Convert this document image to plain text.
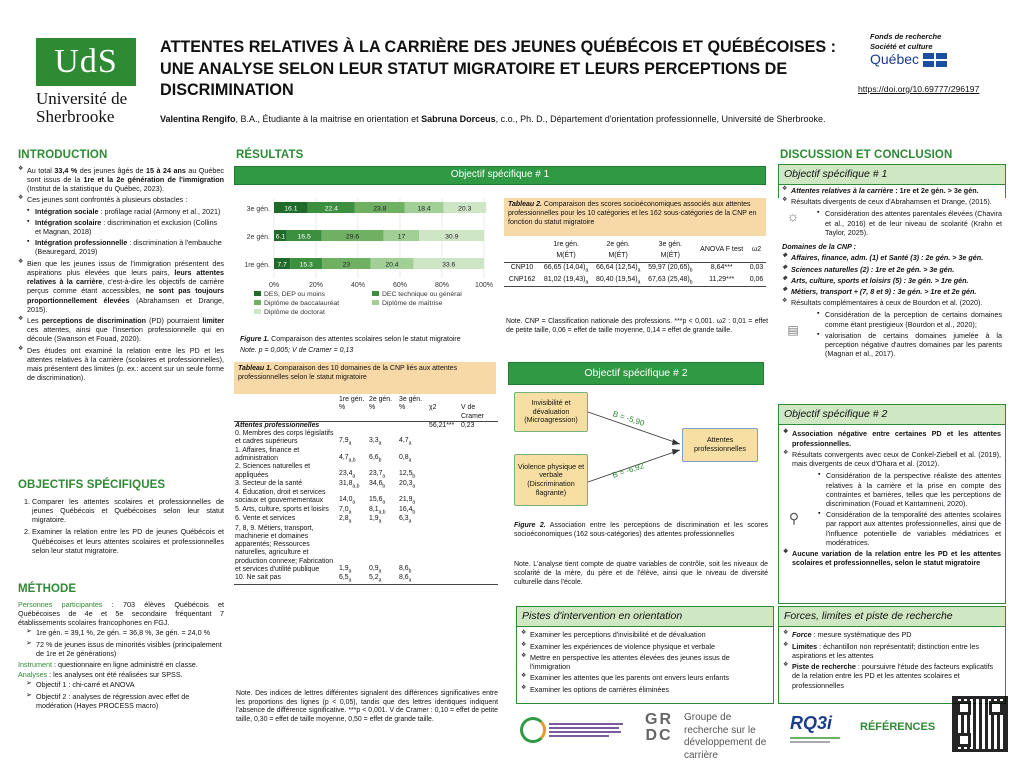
UdS
Université de
Sherbrooke
ATTENTES RELATIVES À LA CARRIÈRE DES JEUNES QUÉBÉCOIS ET QUÉBÉCOISES : UNE ANALYSE SELON LEUR STATUT MIGRATOIRE ET LEURS PERCEPTIONS DE DISCRIMINATION
Valentina Rengifo, B.A., Étudiante à la maitrise en orientation et Sabruna Dorceus, c.o., Ph. D., Département d'orientation professionnelle, Université de Sherbrooke.
Fonds de recherche
Société et culture
Québec
https://doi.org/10.69777/296197
INTRODUCTION
❖ Au total 33,4 % des jeunes âgés de 15 à 24 ans au Québec sont issus de la 1re et la 2e génération de l'immigration (Institut de la statistique du Québec, 2023).
❖ Ces jeunes sont confrontés à plusieurs obstacles :
▪ Intégration sociale : profilage racial (Armony et al., 2021)
▪ Intégration scolaire : discrimination et exclusion (Collins et Magnan, 2018)
▪ Intégration professionnelle : discrimination à l'embauche (Beauregard, 2019)
❖ Bien que les jeunes issus de l'immigration présentent des aspirations plus élevées que leurs pairs, leurs attentes relatives à la carrière, c'est-à-dire les objectifs de carrière perçus comme étant accessibles, ne sont pas toujours proportionnellement élevées (Abrahamsen et Drange, 2015).
❖ Les perceptions de discrimination (PD) pourraient limiter ces attentes, ainsi que l'insertion professionnelle qui en découle (Swanson et Fouad, 2020).
❖ Des études ont examiné la relation entre les PD et les attentes relatives à la carrière (scolaires et professionnelles), mais présentent des limites (p. ex.: accent sur un seule forme de discrimination).
OBJECTIFS SPÉCIFIQUES
1. Comparer les attentes scolaires et professionnelles de jeunes Québécois et Québécoises selon leur statut migratoire.
2. Examiner la relation entre les PD de jeunes Québécois et Québécoises et leurs attentes scolaires et professionnelles selon leur statut migratoire.
MÉTHODE
Personnes participantes : 703 élèves Québécois et Québécoises de 4e et 5e secondaire fréquentant 7 établissements scolaires francophones en FGJ.
➢ 1re gén. = 39,1 %, 2e gén. = 36,8 %, 3e gén. = 24,0 %
➢ 72 % de jeunes issus de minorités visibles (principalement de 1re et 2e générations)
Instrument : questionnaire en ligne administré en classe.
Analyses : les analyses ont été réalisées sur SPSS.
➢ Objectif 1 : chi-carré et ANOVA
➢ Objectif 2 : analyses de régression avec effet de modération (Hayes PROCESS macro)
RÉSULTATS
Objectif spécifique # 1
0%	20%	40%	60%	80%	100%
3e gén. 16.1	22.4	23.8	18.4	20.3
2e gén. 6.1 16.5	29.6	17	30.9
1re gén. 7.7 15.3	23	20.4	33.6
DES, DEP ou moins	DEC technique ou général
Diplôme de baccalauréat	Diplôme de maîtrise
Diplôme de doctorat
Figure 1. Comparaison des attentes scolaires selon le statut migratoire
Note. p = 0,005; V de Cramer = 0,13
Tableau 1. Comparaison des 10 domaines de la CNP liés aux attentes professionnelles selon le statut migratoire
	1re gén.	2e gén.	3e gén.		
	%	%	%	χ2	V de Cramer
Attentes professionnelles				56,21***	0,23
0. Membres des corps législatifs et cadres supérieurs	$7,9_a$	$3,3_a$	$4,7_a$		
1. Affaires, finance et administration	$4,7_{a,b}$	$6,6_b$	$0,8_a$		
2. Sciences naturelles et appliquées	$23,4_a$	$23,7_a$	$12,5_b$		
3. Secteur de la santé	$31,8_{a,b}$	$34,6_b$	$20,3_a$		
4. Éducation, droit et services sociaux et gouvernementaux	$14,0_a$	$15,6_a$	$21,9_a$		
5. Arts, culture, sports et loisirs	$7,0_a$	$8,1_{a,b}$	$16,4_b$		
6. Vente et services	$2,8_a$	$1,9_a$	$6,3_a$		
7, 8, 9. Métiers, transport, machinerie et domaines apparentés; Ressources naturelles, agriculture et production connexe; Fabrication et services d'utilité publique	$1,9_a$	$0,9_a$	$8,6_b$		
10. Ne sait pas	$6,5_a$	$5,2_a$	$8,6_a$		
Note. Des indices de lettres différentes signalent des différences significatives entre les proportions des lignes (p < 0,05), tandis que des lettres identiques indiquent l'absence de différence significative. ***p < 0,001. V de Cramer : 0,10 = effet de petite taille, 0,30 = effet de taille moyenne, 0,50 = effet de grande taille.
Tableau 2. Comparaison des scores socioéconomiques associés aux attentes professionnelles pour les 10 catégories et les 162 sous-catégories de la CNP en fonction du statut migratoire
	1re gén.	2e gén.	3e gén.	ANOVA F test	ω2
	M(ÉT)	M(ÉT)	M(ÉT)		
CNP10	66,65 $(14,04)_a$	66,64 $(12,54)_a$	59,97 $(20,65)_b$	8,64***	0,03
CNP162	81,02 $(19,43)_a$	80,40 $(19,54)_a$	67,63 $(25,48)_b$	11,29***	0,06
Note. CNP = Classification nationale des professions. ***p < 0,001. ω2 : 0,01 = effet de petite taille, 0,06 = effet de taille moyenne, 0,14 = effet de grande taille.
Objectif spécifique # 2
Invisibilité et dévaluation (Microagression)
Violence physique et verbale (Discrimination flagrante)
Attentes professionnelles
B = -5,90
B = -6,92
Figure 2. Association entre les perceptions de discrimination et les scores socioéconomiques (162 sous-catégories) des attentes professionnelles
Note. L'analyse tient compte de quatre variables de contrôle, soit les niveaux de scolarité de la mère, du père et de l'élève, ainsi que le niveau de diversité culturelle dans l'école.
Pistes d'intervention en orientation
❖ Examiner les perceptions d'invisibilité et de dévaluation
❖ Examiner les expériences de violence physique et verbale
❖ Mettre en perspective les attentes élevées des jeunes issus de l'immigration
❖ Examiner les attentes que les parents ont envers leurs enfants
❖ Examiner les options de carrières éliminées
DISCUSSION ET CONCLUSION
Objectif spécifique # 1
❖ Attentes relatives à la carrière : 1re et 2e gén. > 3e gén.
❖ Résultats divergents de ceux d'Abrahamsen et Drange, (2015).
☼	▪ Considération des attentes parentales élevées (Chavira et al., 2016) et de leur niveau de scolarité (Krahn et Taylor, 2025).
Domaines de la CNP :
❖ Affaires, finance, adm. (1) et Santé (3) : 2e gén. > 3e gén.
❖ Sciences naturelles (2) : 1re et 2e gén. > 3e gén.
❖ Arts, culture, sports et loisirs (5) : 3e gén. > 1re gén.
❖ Métiers, transport + (7, 8 et 9) : 3e gén. > 1re et 2e gén.
❖ Résultats complémentaires à ceux de Bourdon et al. (2020).
▤
▪ Considération de la perception de certains domaines comme étant prestigieux (Bourdon et al., 2020);
▪ valorisation de certains domaines jumelée à la perception négative d'autres domaines par les parents (Magnan et al., 2017).
Objectif spécifique # 2
❖ Association négative entre certaines PD et les attentes professionnelles.
❖ Résultats convergents avec ceux de Conkel-Ziebell et al. (2019), mais divergents de ceux d'Ohara et al. (2012).
⚲
▪ Considération de la perspective réaliste des attentes relatives à la carrière et la prise en compte des contraintes et barrières, telles que les perceptions de discrimination (Fouad et Kantamneni, 2020).
▪ Considération de la temporalité des attentes scolaires par rapport aux attentes professionnelles, ainsi que de l'influence potentielle de variables médiatrices et modératrices.
❖ Aucune variation de la relation entre les PD et les attentes scolaires et professionnelles, selon le statut migratoire
Forces, limites et piste de recherche
❖ Force : mesure systématique des PD
❖ Limites : échantillon non représentatif; distinction entre les aspirations et les attentes
❖ Piste de recherche : poursuivre l'étude des facteurs explicatifs de la relation entre les PD et les attentes scolaires et professionnelles
GR DC
Groupe de recherche sur le développement de carrière
RQ3i	RÉFÉRENCES
